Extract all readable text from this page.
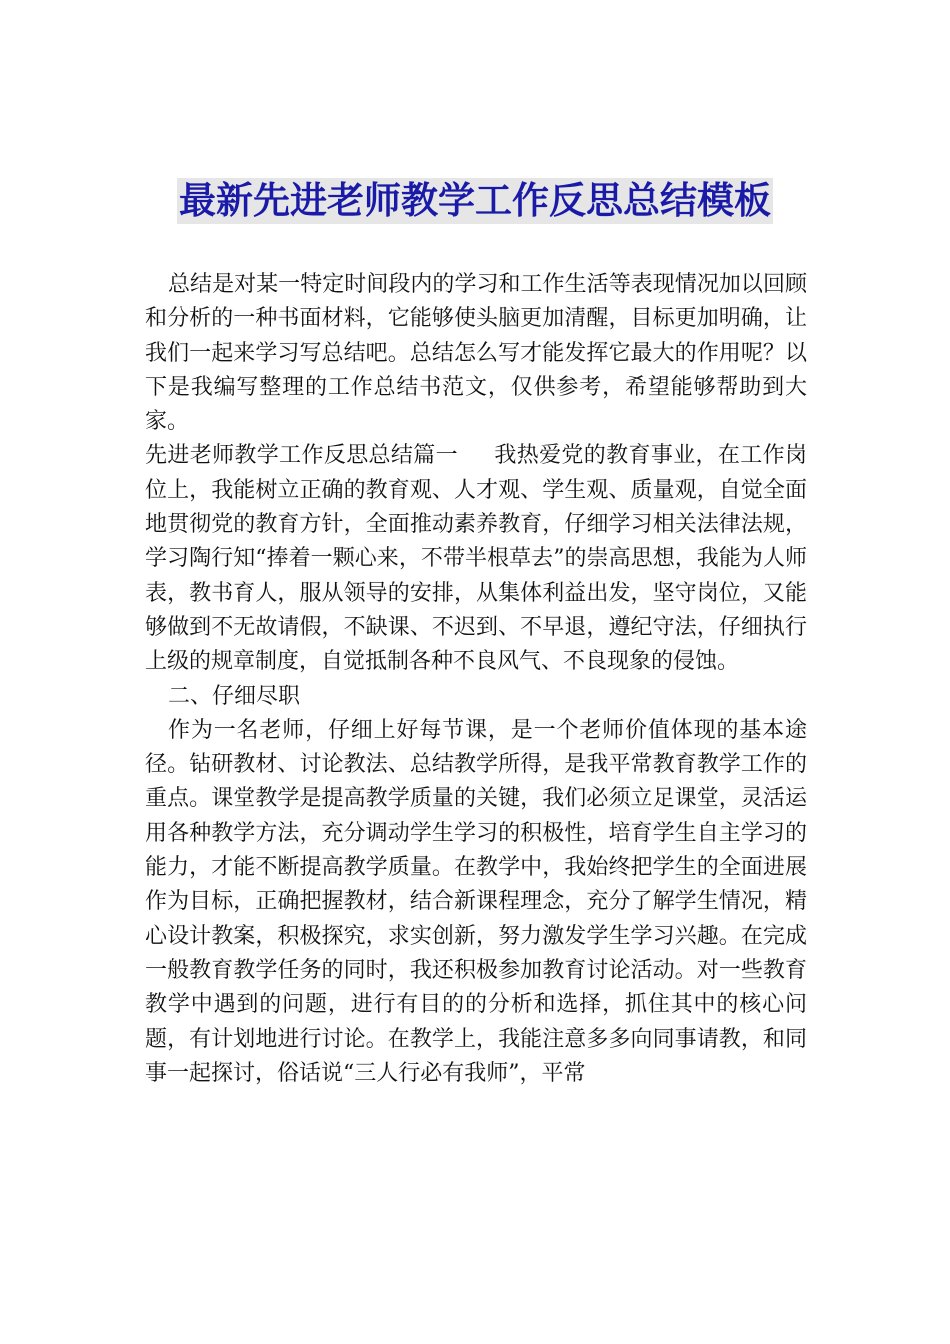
最新先进老师教学工作反思总结模板

总结是对某一特定时间段内的学习和工作生活等表现情况加以回顾和分析的一种书面材料，它能够使头脑更加清醒，目标更加明确，让我们一起来学习写总结吧。总结怎么写才能发挥它最大的作用呢？以下是我编写整理的工作总结书范文，仅供参考，希望能够帮助到大家。

先进老师教学工作反思总结篇一 我热爱党的教育事业，在工作岗位上，我能树立正确的教育观、人才观、学生观、质量观，自觉全面地贯彻党的教育方针，全面推动素养教育，仔细学习相关法律法规，学习陶行知“捧着一颗心来，不带半根草去”的崇高思想，我能为人师表，教书育人，服从领导的安排，从集体利益出发，坚守岗位，又能够做到不无故请假，不缺课、不迟到、不早退，遵纪守法，仔细执行上级的规章制度，自觉抵制各种不良风气、不良现象的侵蚀。

二、仔细尽职

作为一名老师，仔细上好每节课，是一个老师价值体现的基本途径。钻研教材、讨论教法、总结教学所得，是我平常教育教学工作的重点。课堂教学是提高教学质量的关键，我们必须立足课堂，灵活运用各种教学方法，充分调动学生学习的积极性，培育学生自主学习的能力，才能不断提高教学质量。在教学中，我始终把学生的全面进展作为目标，正确把握教材，结合新课程理念，充分了解学生情况，精心设计教案，积极探究，求实创新，努力激发学生学习兴趣。在完成一般教育教学任务的同时，我还积极参加教育讨论活动。对一些教育教学中遇到的问题，进行有目的的分析和选择，抓住其中的核心问题，有计划地进行讨论。在教学上，我能注意多多向同事请教，和同事一起探讨，俗话说“三人行必有我师”，平常
